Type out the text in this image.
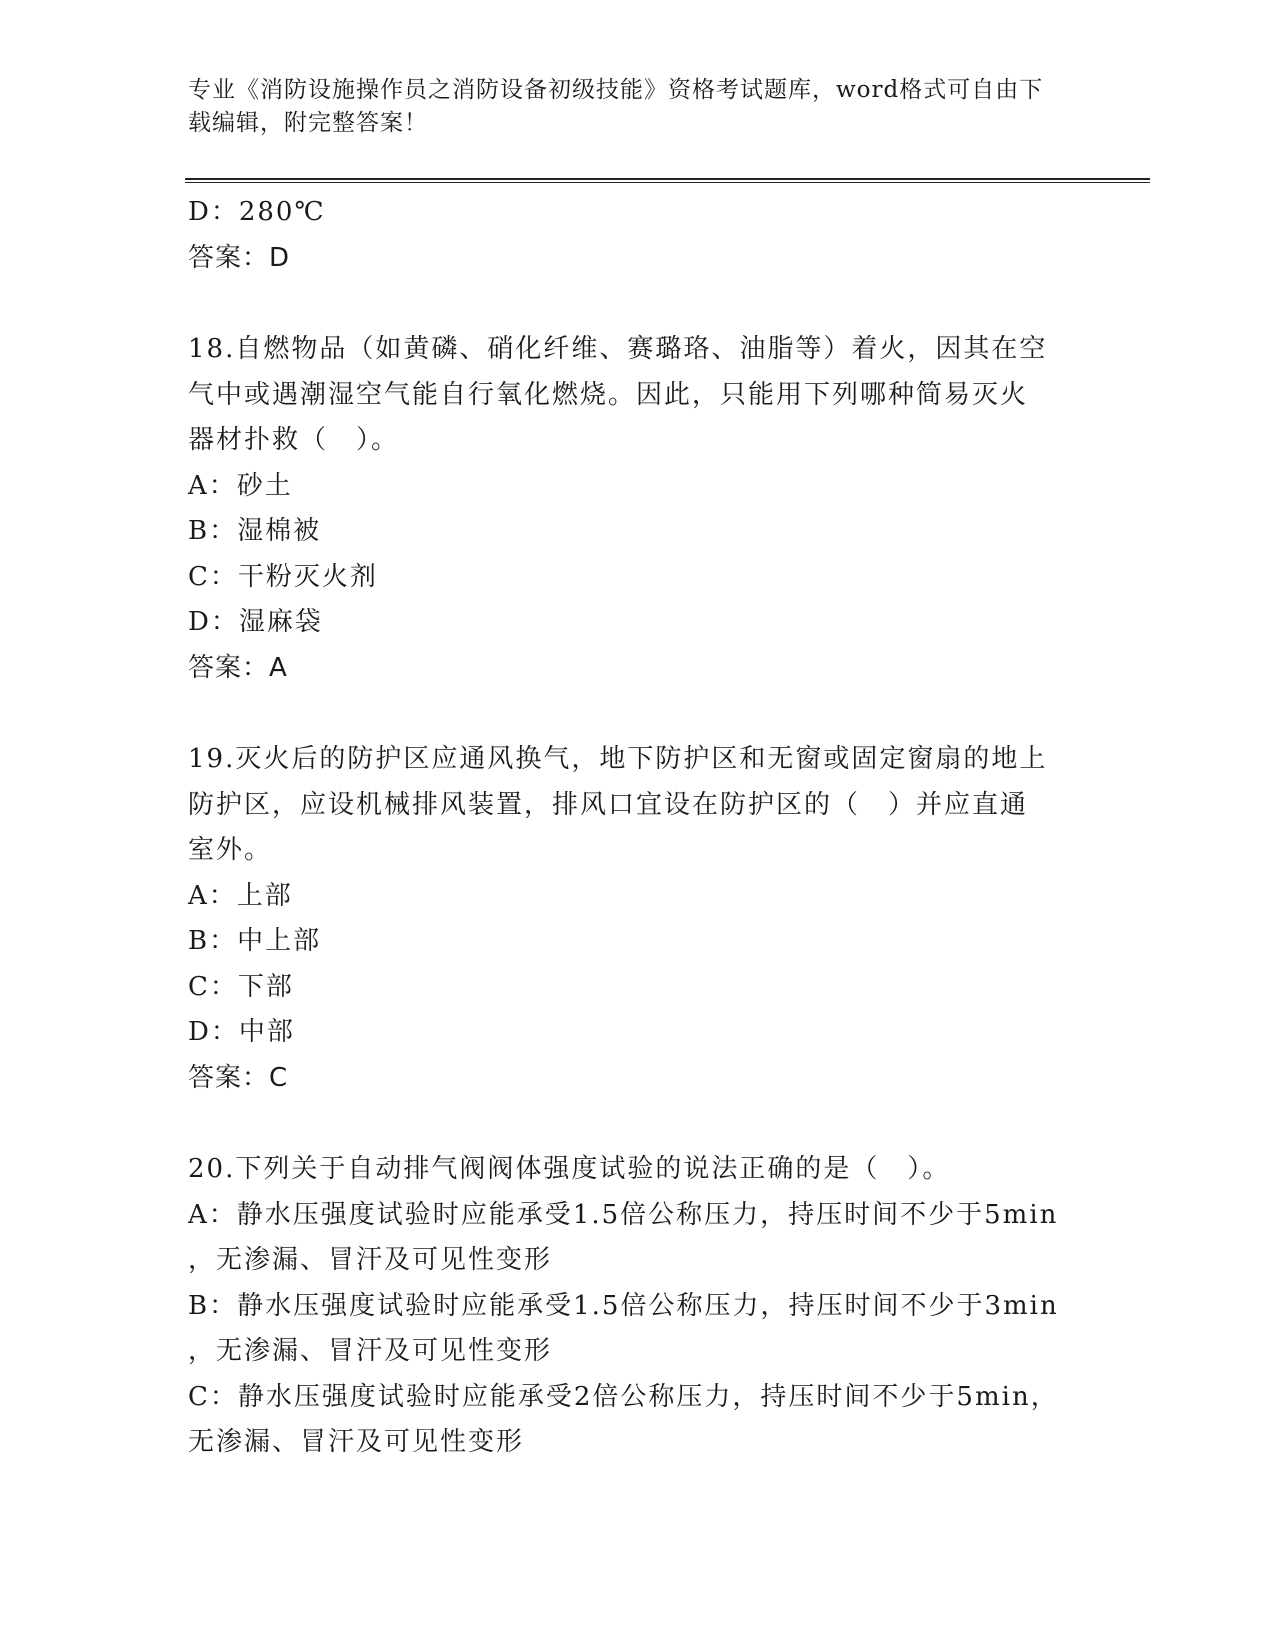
专业《消防设施操作员之消防设备初级技能》资格考试题库，word格式可自由下
载编辑，附完整答案！
D：280℃
答案：D
18.自燃物品（如黄磷、硝化纤维、赛璐珞、油脂等）着火，因其在空
气中或遇潮湿空气能自行氧化燃烧。因此，只能用下列哪种简易灭火
器材扑救（　）。
A：砂土
B：湿棉被
C：干粉灭火剂
D：湿麻袋
答案：A
19.灭火后的防护区应通风换气，地下防护区和无窗或固定窗扇的地上
防护区，应设机械排风装置，排风口宜设在防护区的（　）并应直通
室外。
A：上部
B：中上部
C：下部
D：中部
答案：C
20.下列关于自动排气阀阀体强度试验的说法正确的是（　）。
A：静水压强度试验时应能承受1.5倍公称压力，持压时间不少于5min
，无渗漏、冒汗及可见性变形
B：静水压强度试验时应能承受1.5倍公称压力，持压时间不少于3min
，无渗漏、冒汗及可见性变形
C：静水压强度试验时应能承受2倍公称压力，持压时间不少于5min，
无渗漏、冒汗及可见性变形
